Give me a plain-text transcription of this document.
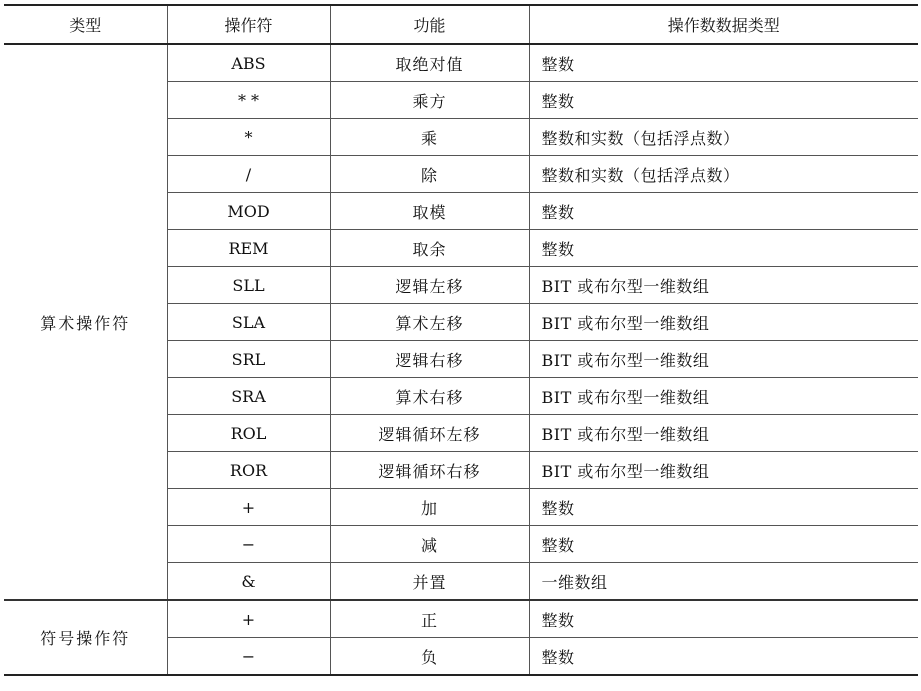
类型	操作符	功能	操作数数据类型
算术操作符	ABS	取绝对值	整数
	* *	乘方	整数
	*	乘	整数和实数（包括浮点数）
	/	除	整数和实数（包括浮点数）
	MOD	取模	整数
	REM	取余	整数
	SLL	逻辑左移	BIT 或布尔型一维数组
	SLA	算术左移	BIT 或布尔型一维数组
	SRL	逻辑右移	BIT 或布尔型一维数组
	SRA	算术右移	BIT 或布尔型一维数组
	ROL	逻辑循环左移	BIT 或布尔型一维数组
	ROR	逻辑循环右移	BIT 或布尔型一维数组
	+	加	整数
	−	减	整数
	&	并置	一维数组
符号操作符	+	正	整数
	−	负	整数
